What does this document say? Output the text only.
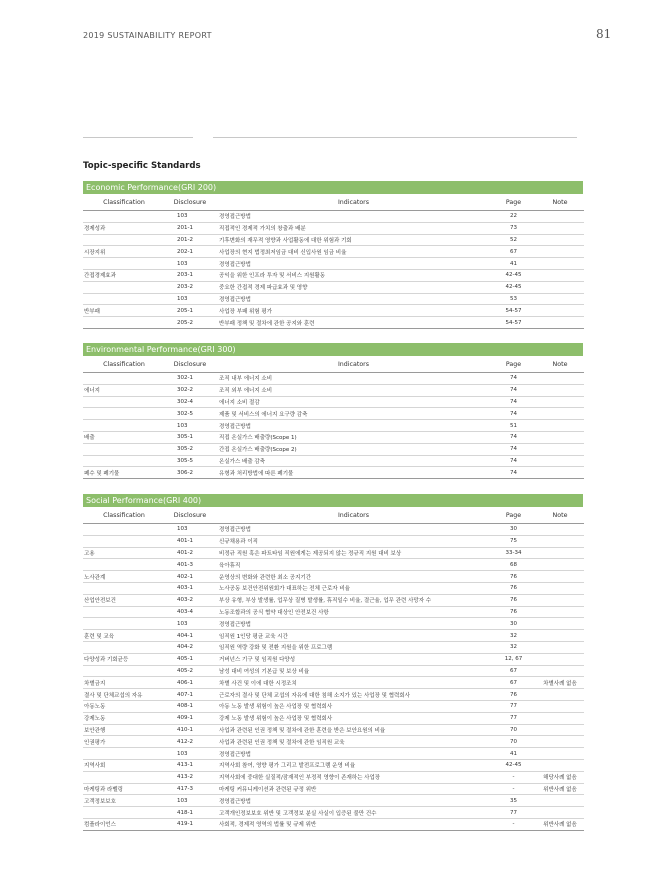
2019 SUSTAINABILITY REPORT	81
Topic-specific Standards
Economic Performance(GRI 200)
Classification	Disclosure	Indicators	Page	Note
	103	경영접근방법	22	
경제성과	201-1	직접적인 경제적 가치의 창출과 배분	73	
	201-2	기후변화의 재무적 영향과 사업활동에 대한 위험과 기회	52	
시장지위	202-1	사업장의 현지 법정최저임금 대비 신입사원 임금 비율	67	
	103	경영접근방법	41	
간접경제효과	203-1	공익을 위한 인프라 투자 및 서비스 지원활동	42-45	
	203-2	중요한 간접적 경제 파급효과 및 영향	42-45	
	103	경영접근방법	53	
반부패	205-1	사업장 부패 위험 평가	54-57	
	205-2	반부패 정책 및 절차에 관한 공지와 훈련	54-57	
Environmental Performance(GRI 300)
Classification	Disclosure	Indicators	Page	Note
	302-1	조직 내부 에너지 소비	74	
에너지	302-2	조직 외부 에너지 소비	74	
	302-4	에너지 소비 절감	74	
	302-5	제품 및 서비스의 에너지 요구량 감축	74	
	103	경영접근방법	51	
배출	305-1	직접 온실가스 배출량(Scope 1)	74	
	305-2	간접 온실가스 배출량(Scope 2)	74	
	305-5	온실가스 배출 감축	74	
폐수 및 폐기물	306-2	유형과 처리방법에 따른 폐기물	74	
Social Performance(GRI 400)
Classification	Disclosure	Indicators	Page	Note
	103	경영접근방법	30	
	401-1	신규채용과 이직	75	
고용	401-2	비정규 직원 혹은 파트타임 직원에게는 제공되지 않는 정규직 지원 대비 보상	33-34	
	401-3	육아휴직	68	
노사관계	402-1	운영상의 변화와 관련한 최소 공지기간	76	
	403-1	노사공동 보건안전위원회가 대표하는 전체 근로자 비율	76	
산업안전보건	403-2	부상 유형, 부상 발생률, 업무상 질병 발생률, 휴직일수 비율, 결근율, 업무 관련 사망자 수	76	
	403-4	노동조합과의 공식 협약 대상인 안전보건 사항	76	
	103	경영접근방법	30	
훈련 및 교육	404-1	임직원 1인당 평균 교육 시간	32	
	404-2	임직원 역량 강화 및 전환 지원을 위한 프로그램	32	
다양성과 기회균등	405-1	거버넌스 기구 및 임직원 다양성	12, 67	
	405-2	남성 대비 여성의 기본급 및 보상 비율	67	
차별금지	406-1	차별 사건 및 이에 대한 시정조치	67	차별사례 없음
결사 및 단체교섭의 자유	407-1	근로자의 결사 및 단체 교섭의 자유에 대한 침해 소지가 있는 사업장 및 협력회사	76	
아동노동	408-1	아동 노동 발생 위험이 높은 사업장 및 협력회사	77	
강제노동	409-1	강제 노동 발생 위험이 높은 사업장 및 협력회사	77	
보안관행	410-1	사업과 관련된 인권 정책 및 절차에 관한 훈련을 받은 보안요원의 비율	70	
인권평가	412-2	사업과 관련된 인권 정책 및 절차에 관한 임직원 교육	70	
	103	경영접근방법	41	
지역사회	413-1	지역사회 참여, 영향 평가 그리고 발전프로그램 운영 비율	42-45	
	413-2	지역사회에 중대한 실질적/잠재적인 부정적 영향이 존재하는 사업장	-	해당사례 없음
마케팅과 라벨링	417-3	마케팅 커뮤니케이션과 관련된 규정 위반	-	위반사례 없음
고객정보보호	103	경영접근방법	35	
	418-1	고객개인정보보호 위반 및 고객정보 분실 사실이 입증된 불만 건수	77	
컴플라이언스	419-1	사회적, 경제적 영역의 법률 및 규제 위반	-	위반사례 없음
